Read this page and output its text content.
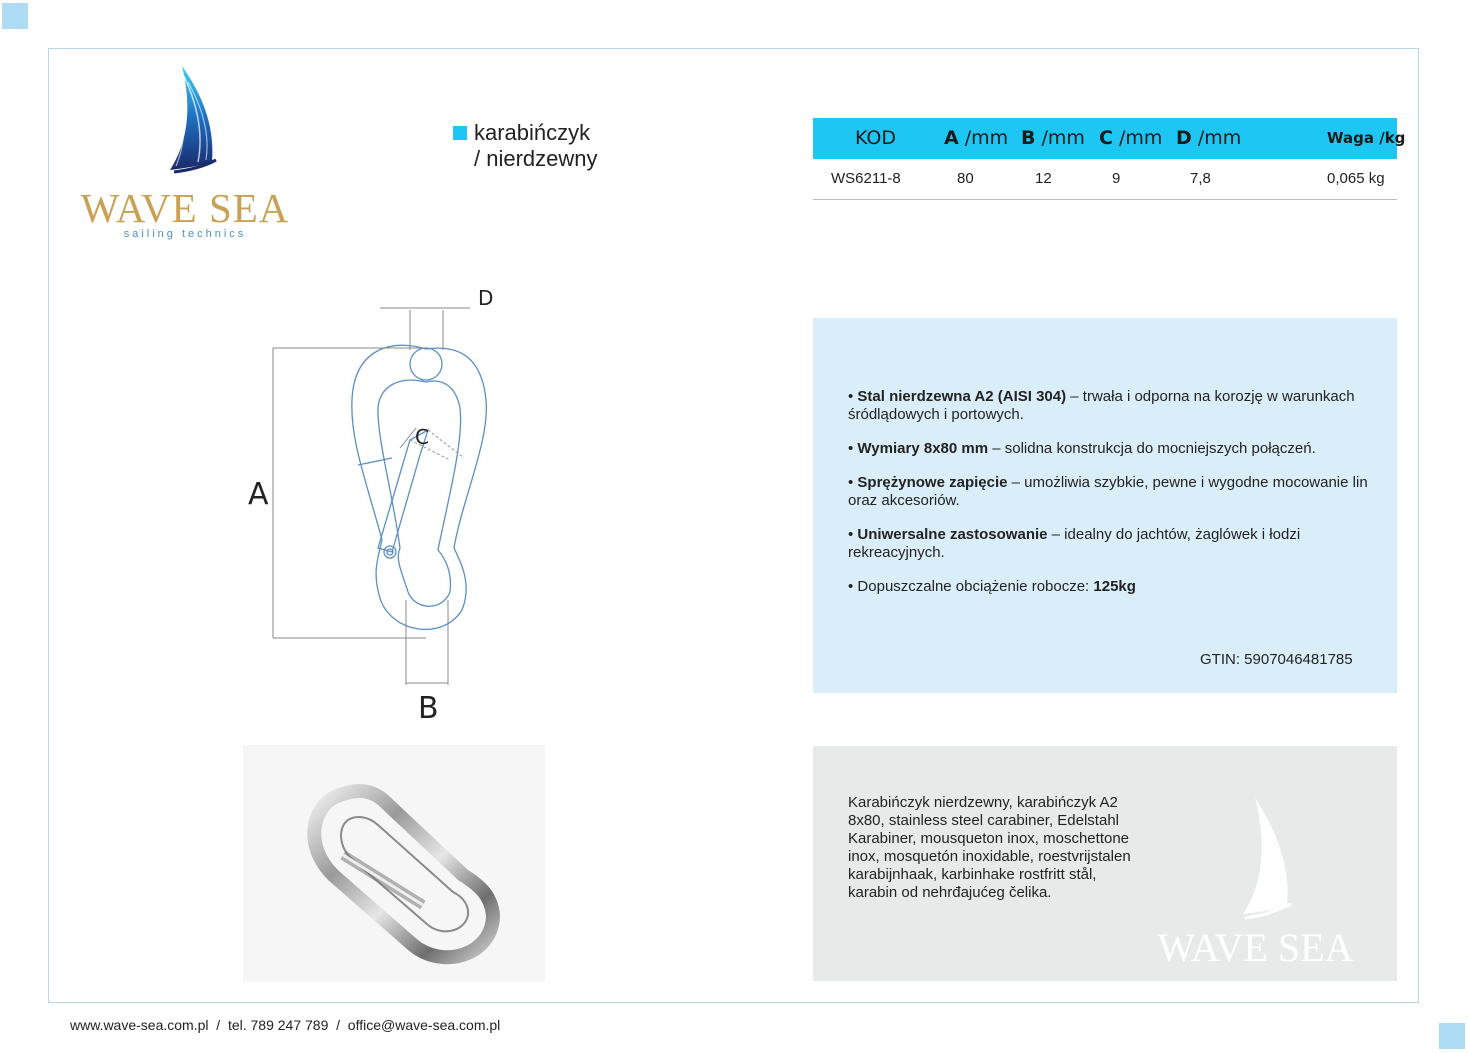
WAVE SEA
sailing technics
karabińczyk
/ nierdzewny
KOD	A /mm B /mm C /mm D /mm	Waga /kg
WS6211-8	80	12	9	7,8	0,065 kg
A
B
C
D
• Stal nierdzewna A2 (AISI 304) – trwała i odporna na korozję w warunkach śródlądowych i portowych.
• Wymiary 8x80 mm – solidna konstrukcja do mocniejszych połączeń.
• Sprężynowe zapięcie – umożliwia szybkie, pewne i wygodne mocowanie lin oraz akcesoriów.
• Uniwersalne zastosowanie – idealny do jachtów, żaglówek i łodzi rekreacyjnych.
• Dopuszczalne obciążenie robocze: 125kg
GTIN: 5907046481785
Karabińczyk nierdzewny, karabińczyk A2 8x80, stainless steel carabiner, Edelstahl Karabiner, mousqueton inox, moschettone inox, mosquetón inoxidable, roestvrijstalen karabijnhaak, karbinhake rostfritt stål, karabin od nehrđajućeg čelika.
WAVE SEA
www.wave-sea.com.pl  /  tel. 789 247 789  /  office@wave-sea.com.pl
